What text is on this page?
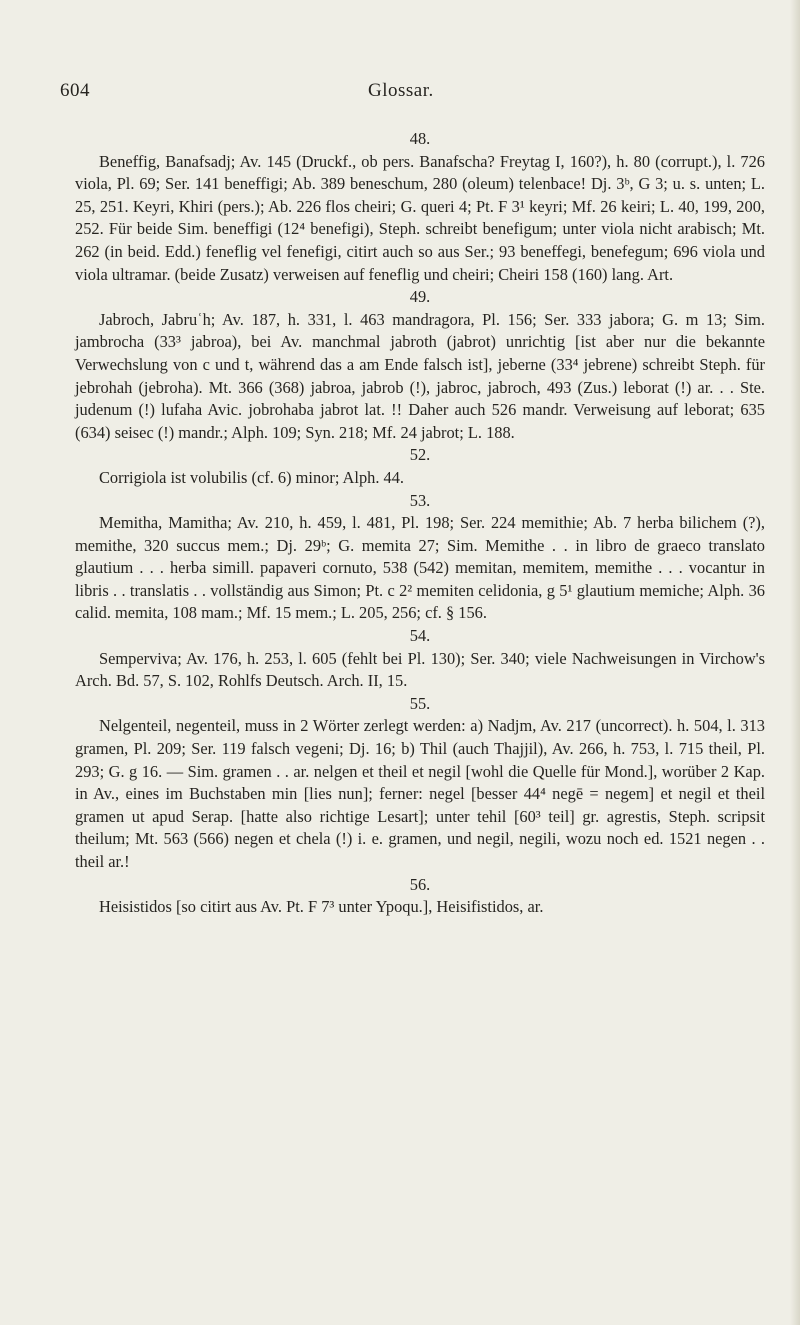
604	Glossar.

48.

Beneffig, Banafsadj; Av. 145 (Druckf., ob pers. Banafscha? Freytag I, 160?), h. 80 (corrupt.), l. 726 viola, Pl. 69; Ser. 141 beneffigi; Ab. 389 beneschum, 280 (oleum) telenbace! Dj. 3ᵇ, G 3; u. s. unten; L. 25, 251. Keyri, Khiri (pers.); Ab. 226 flos cheiri; G. queri 4; Pt. F 3¹ keyri; Mf. 26 keiri; L. 40, 199, 200, 252. Für beide Sim. beneffigi (12⁴ benefigi), Steph. schreibt benefigum; unter viola nicht arabisch; Mt. 262 (in beid. Edd.) feneflig vel fenefigi, citirt auch so aus Ser.; 93 beneffegi, benefegum; 696 viola und viola ultramar. (beide Zusatz) verweisen auf feneflig und cheiri; Cheiri 158 (160) lang. Art.

49.

Jabroch, Jabruʿh; Av. 187, h. 331, l. 463 mandragora, Pl. 156; Ser. 333 jabora; G. m 13; Sim. jambrocha (33³ jabroa), bei Av. manchmal jabroth (jabrot) unrichtig [ist aber nur die bekannte Verwechslung von c und t, während das a am Ende falsch ist], jeberne (33⁴ jebrene) schreibt Steph. für jebrohah (jebroha). Mt. 366 (368) jabroa, jabrob (!), jabroc, jabroch, 493 (Zus.) leborat (!) ar. . . Ste. judenum (!) lufaha Avic. jobrohaba jabrot lat. !! Daher auch 526 mandr. Verweisung auf leborat; 635 (634) seisec (!) mandr.; Alph. 109; Syn. 218; Mf. 24 jabrot; L. 188.

52.

Corrigiola ist volubilis (cf. 6) minor; Alph. 44.

53.

Memitha, Mamitha; Av. 210, h. 459, l. 481, Pl. 198; Ser. 224 memithie; Ab. 7 herba bilichem (?), memithe, 320 succus mem.; Dj. 29ᵇ; G. memita 27; Sim. Memithe . . in libro de graeco translato glautium . . . herba simill. papaveri cornuto, 538 (542) memitan, memitem, memithe . . . vocantur in libris . . translatis . . vollständig aus Simon; Pt. c 2² memiten celidonia, g 5¹ glautium memiche; Alph. 36 calid. memita, 108 mam.; Mf. 15 mem.; L. 205, 256; cf. § 156.

54.

Semperviva; Av. 176, h. 253, l. 605 (fehlt bei Pl. 130); Ser. 340; viele Nachweisungen in Virchow's Arch. Bd. 57, S. 102, Rohlfs Deutsch. Arch. II, 15.

55.

Nelgenteil, negenteil, muss in 2 Wörter zerlegt werden: a) Nadjm, Av. 217 (uncorrect). h. 504, l. 313 gramen, Pl. 209; Ser. 119 falsch vegeni; Dj. 16; b) Thil (auch Thajjil), Av. 266, h. 753, l. 715 theil, Pl. 293; G. g 16. — Sim. gramen . . ar. nelgen et theil et negil [wohl die Quelle für Mond.], worüber 2 Kap. in Av., eines im Buchstaben min [lies nun]; ferner: negel [besser 44⁴ negē = negem] et negil et theil gramen ut apud Serap. [hatte also richtige Lesart]; unter tehil [60³ teil] gr. agrestis, Steph. scripsit theilum; Mt. 563 (566) negen et chela (!) i. e. gramen, und negil, negili, wozu noch ed. 1521 negen . . theil ar.!

56.

Heisistidos [so citirt aus Av. Pt. F 7³ unter Ypoqu.], Heisifistidos, ar.
